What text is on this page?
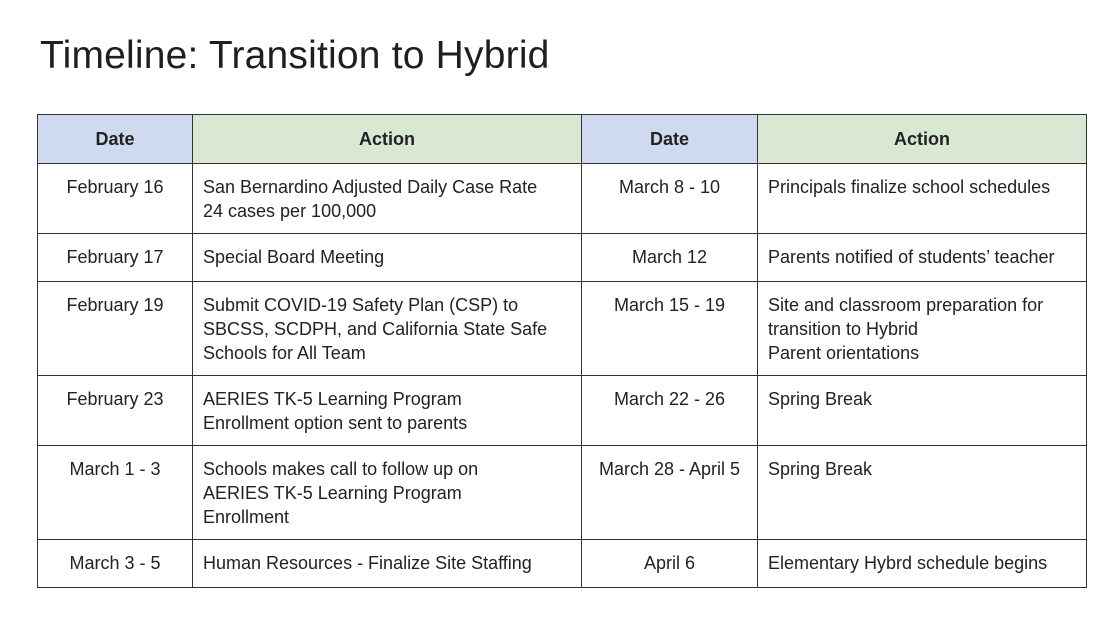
Timeline: Transition to Hybrid
Date	Action	Date	Action
February 16	San Bernardino Adjusted Daily Case Rate
24 cases per 100,000	March 8 - 10	Principals finalize school schedules

February 17	Special Board Meeting	March 12	Parents notified of students’ teacher

February 19	Submit COVID-19 Safety Plan (CSP) to
SBCSS, SCDPH, and California State Safe
Schools for All Team	March 15 - 19	Site and classroom preparation for
transition to Hybrid
Parent orientations

February 23	AERIES TK-5 Learning Program
Enrollment option sent to parents	March 22 - 26	Spring Break

March 1 - 3	Schools makes call to follow up on
AERIES TK-5 Learning Program
Enrollment	March 28 - April 5	Spring Break

March 3 - 5	Human Resources - Finalize Site Staffing	April 6	Elementary Hybrd schedule begins
